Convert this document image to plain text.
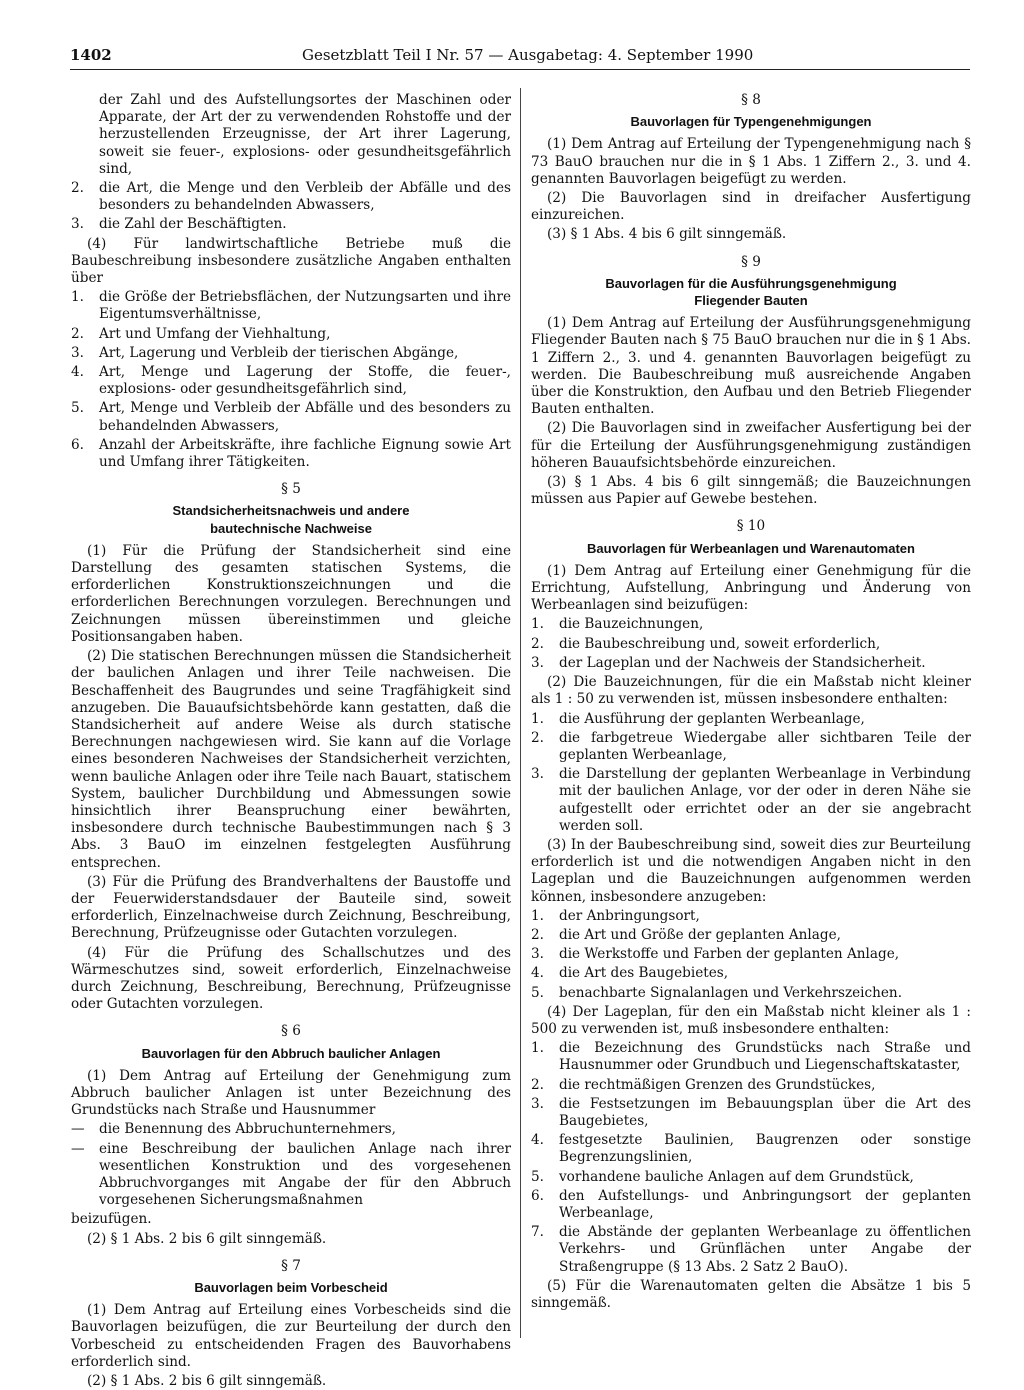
1402	Gesetzblatt Teil I Nr. 57 — Ausgabetag: 4. September 1990
der Zahl und des Aufstellungsortes der Maschinen oder Apparate, der Art der zu verwendenden Rohstoffe und der herzustellenden Erzeugnisse, der Art ihrer Lagerung, soweit sie feuer-, explosions- oder gesundheitsgefährlich sind,
2.	die Art, die Menge und den Verbleib der Abfälle und des besonders zu behandelnden Abwassers,
3.	die Zahl der Beschäftigten.

(4) Für landwirtschaftliche Betriebe muß die Baubeschreibung insbesondere zusätzliche Angaben enthalten über

1.	die Größe der Betriebsflächen, der Nutzungsarten und ihre Eigentumsverhältnisse,
2.	Art und Umfang der Viehhaltung,
3.	Art, Lagerung und Verbleib der tierischen Abgänge,
4.	Art, Menge und Lagerung der Stoffe, die feuer-, explosions- oder gesundheitsgefährlich sind,
5.	Art, Menge und Verbleib der Abfälle und des besonders zu behandelnden Abwassers,
6.	Anzahl der Arbeitskräfte, ihre fachliche Eignung sowie Art und Umfang ihrer Tätigkeiten.
§ 5
Standsicherheitsnachweis und andere
bautechnische Nachweise

(1) Für die Prüfung der Standsicherheit sind eine Darstellung des gesamten statischen Systems, die erforderlichen Konstruktionszeichnungen und die erforderlichen Berechnungen vorzulegen. Berechnungen und Zeichnungen müssen übereinstimmen und gleiche Positionsangaben haben.

(2) Die statischen Berechnungen müssen die Standsicherheit der baulichen Anlagen und ihrer Teile nachweisen. Die Beschaffenheit des Baugrundes und seine Tragfähigkeit sind anzugeben. Die Bauaufsichtsbehörde kann gestatten, daß die Standsicherheit auf andere Weise als durch statische Berechnungen nachgewiesen wird. Sie kann auf die Vorlage eines besonderen Nachweises der Standsicherheit verzichten, wenn bauliche Anlagen oder ihre Teile nach Bauart, statischem System, baulicher Durchbildung und Abmessungen sowie hinsichtlich ihrer Beanspruchung einer bewährten, insbesondere durch technische Baubestimmungen nach § 3 Abs. 3 BauO im einzelnen festgelegten Ausführung entsprechen.

(3) Für die Prüfung des Brandverhaltens der Baustoffe und der Feuerwiderstandsdauer der Bauteile sind, soweit erforderlich, Einzelnachweise durch Zeichnung, Beschreibung, Berechnung, Prüfzeugnisse oder Gutachten vorzulegen.

(4) Für die Prüfung des Schallschutzes und des Wärmeschutzes sind, soweit erforderlich, Einzelnachweise durch Zeichnung, Beschreibung, Berechnung, Prüfzeugnisse oder Gutachten vorzulegen.

§ 6
Bauvorlagen für den Abbruch baulicher Anlagen

(1) Dem Antrag auf Erteilung der Genehmigung zum Abbruch baulicher Anlagen ist unter Bezeichnung des Grundstücks nach Straße und Hausnummer

—	die Benennung des Abbruchunternehmers,
—	eine Beschreibung der baulichen Anlage nach ihrer wesentlichen Konstruktion und des vorgesehenen Abbruchvorganges mit Angabe der für den Abbruch vorgesehenen Sicherungsmaßnahmen

beizufügen.

(2) § 1 Abs. 2 bis 6 gilt sinngemäß.

§ 7
Bauvorlagen beim Vorbescheid

(1) Dem Antrag auf Erteilung eines Vorbescheids sind die Bauvorlagen beizufügen, die zur Beurteilung der durch den Vorbescheid zu entscheidenden Fragen des Bauvorhabens erforderlich sind.

(2) § 1 Abs. 2 bis 6 gilt sinngemäß.

§ 8
Bauvorlagen für Typengenehmigungen

(1) Dem Antrag auf Erteilung der Typengenehmigung nach § 73 BauO brauchen nur die in § 1 Abs. 1 Ziffern 2., 3. und 4. genannten Bauvorlagen beigefügt zu werden.

(2) Die Bauvorlagen sind in dreifacher Ausfertigung einzureichen.

(3) § 1 Abs. 4 bis 6 gilt sinngemäß.

§ 9
Bauvorlagen für die Ausführungsgenehmigung
Fliegender Bauten

(1) Dem Antrag auf Erteilung der Ausführungsgenehmigung Fliegender Bauten nach § 75 BauO brauchen nur die in § 1 Abs. 1 Ziffern 2., 3. und 4. genannten Bauvorlagen beigefügt zu werden. Die Baubeschreibung muß ausreichende Angaben über die Konstruktion, den Aufbau und den Betrieb Fliegender Bauten enthalten.

(2) Die Bauvorlagen sind in zweifacher Ausfertigung bei der für die Erteilung der Ausführungsgenehmigung zuständigen höheren Bauaufsichtsbehörde einzureichen.

(3) § 1 Abs. 4 bis 6 gilt sinngemäß; die Bauzeichnungen müssen aus Papier auf Gewebe bestehen.

§ 10
Bauvorlagen für Werbeanlagen und Warenautomaten

(1) Dem Antrag auf Erteilung einer Genehmigung für die Errichtung, Aufstellung, Anbringung und Änderung von Werbeanlagen sind beizufügen:

1.	die Bauzeichnungen,
2.	die Baubeschreibung und, soweit erforderlich,
3.	der Lageplan und der Nachweis der Standsicherheit.

(2) Die Bauzeichnungen, für die ein Maßstab nicht kleiner als 1 : 50 zu verwenden ist, müssen insbesondere enthalten:

1.	die Ausführung der geplanten Werbeanlage,
2.	die farbgetreue Wiedergabe aller sichtbaren Teile der geplanten Werbeanlage,
3.	die Darstellung der geplanten Werbeanlage in Verbindung mit der baulichen Anlage, vor der oder in deren Nähe sie aufgestellt oder errichtet oder an der sie angebracht werden soll.

(3) In der Baubeschreibung sind, soweit dies zur Beurteilung erforderlich ist und die notwendigen Angaben nicht in den Lageplan und die Bauzeichnungen aufgenommen werden können, insbesondere anzugeben:

1.	der Anbringungsort,
2.	die Art und Größe der geplanten Anlage,
3.	die Werkstoffe und Farben der geplanten Anlage,
4.	die Art des Baugebietes,
5.	benachbarte Signalanlagen und Verkehrszeichen.

(4) Der Lageplan, für den ein Maßstab nicht kleiner als 1 : 500 zu verwenden ist, muß insbesondere enthalten:

1.	die Bezeichnung des Grundstücks nach Straße und Hausnummer oder Grundbuch und Liegenschaftskataster,
2.	die rechtmäßigen Grenzen des Grundstückes,
3.	die Festsetzungen im Bebauungsplan über die Art des Baugebietes,
4.	festgesetzte Baulinien, Baugrenzen oder sonstige Begrenzungslinien,
5.	vorhandene bauliche Anlagen auf dem Grundstück,
6.	den Aufstellungs- und Anbringungsort der geplanten Werbeanlage,
7.	die Abstände der geplanten Werbeanlage zu öffentlichen Verkehrs- und Grünflächen unter Angabe der Straßengruppe (§ 13 Abs. 2 Satz 2 BauO).

(5) Für die Warenautomaten gelten die Absätze 1 bis 5 sinngemäß.
